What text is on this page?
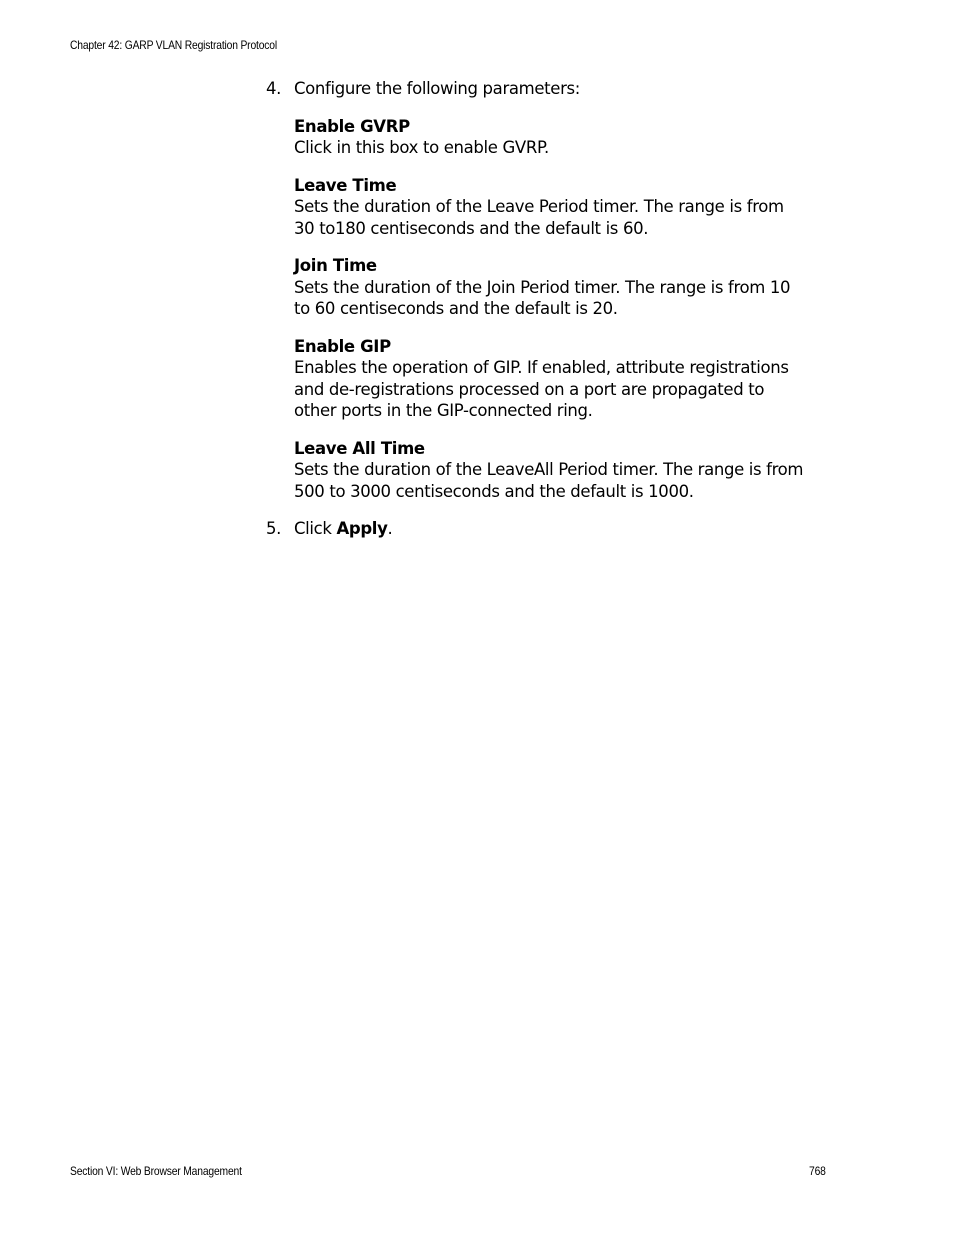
Chapter 42: GARP VLAN Registration Protocol
4. Configure the following parameters:
Enable GVRP

Click in this box to enable GVRP.

Leave Time

Sets the duration of the Leave Period timer. The range is from 30 to180 centiseconds and the default is 60.

Join Time

Sets the duration of the Join Period timer. The range is from 10 to 60 centiseconds and the default is 20.

Enable GIP

Enables the operation of GIP. If enabled, attribute registrations and de-registrations processed on a port are propagated to other ports in the GIP-connected ring.

Leave All Time

Sets the duration of the LeaveAll Period timer. The range is from 500 to 3000 centiseconds and the default is 1000.

5. Click Apply.
Section VI: Web Browser Management	768
